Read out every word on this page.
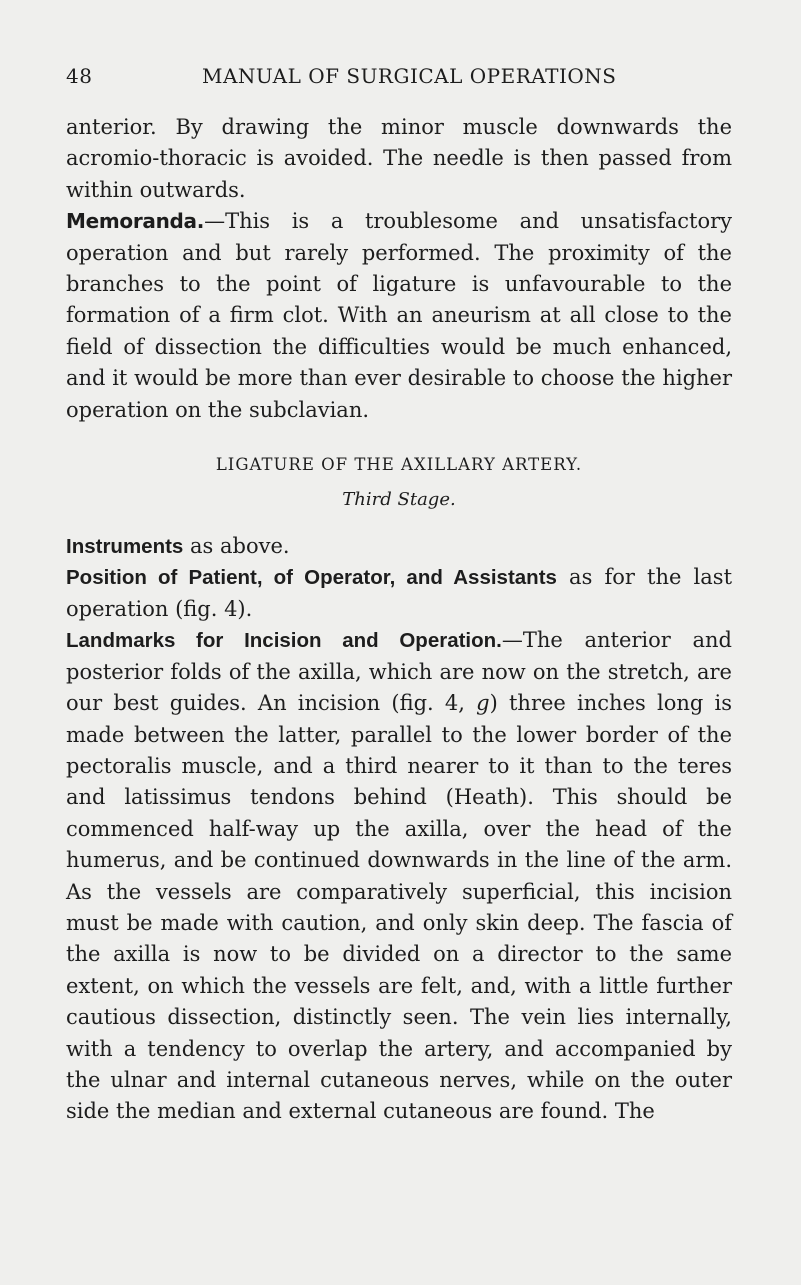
48	MANUAL OF SURGICAL OPERATIONS

anterior. By drawing the minor muscle downwards the acromio-thoracic is avoided. The needle is then passed from within outwards.

Memoranda.—This is a troublesome and unsatisfactory operation and but rarely performed. The proximity of the branches to the point of ligature is unfavourable to the formation of a firm clot. With an aneurism at all close to the field of dissection the difficulties would be much enhanced, and it would be more than ever desirable to choose the higher operation on the subclavian.

LIGATURE OF THE AXILLARY ARTERY.
Third Stage.

Instruments as above.

Position of Patient, of Operator, and Assistants as for the last operation (fig. 4).

Landmarks for Incision and Operation.—The anterior and posterior folds of the axilla, which are now on the stretch, are our best guides. An incision (fig. 4, g) three inches long is made between the latter, parallel to the lower border of the pectoralis muscle, and a third nearer to it than to the teres and latissimus tendons behind (Heath). This should be commenced half-way up the axilla, over the head of the humerus, and be continued downwards in the line of the arm. As the vessels are comparatively superficial, this incision must be made with caution, and only skin deep. The fascia of the axilla is now to be divided on a director to the same extent, on which the vessels are felt, and, with a little further cautious dissection, distinctly seen. The vein lies internally, with a tendency to overlap the artery, and accompanied by the ulnar and internal cutaneous nerves, while on the outer side the median and external cutaneous are found. The
